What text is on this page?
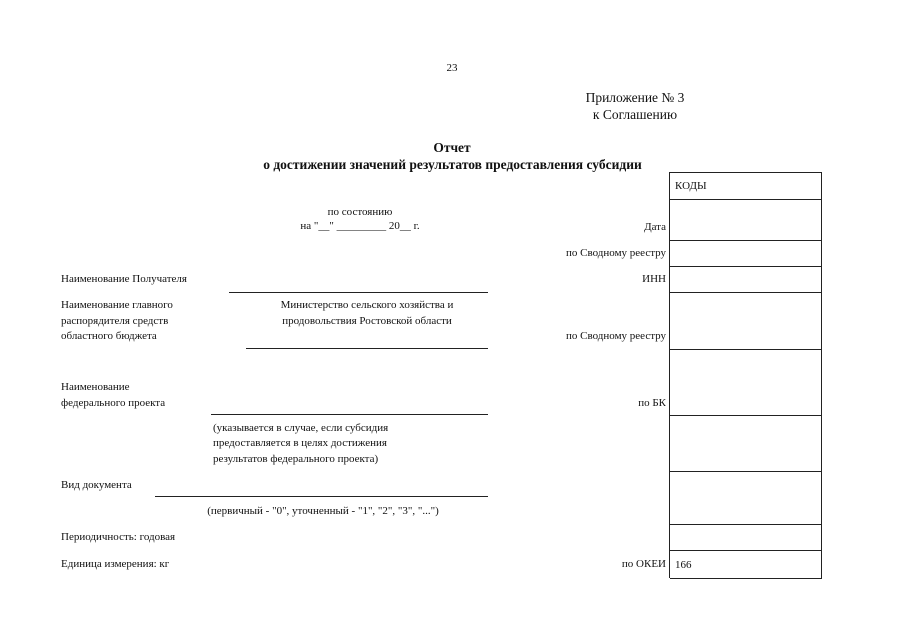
23
Приложение № 3
к Соглашению
Отчет
о достижении значений результатов предоставления субсидии
по состоянию
на "__" _________ 20__ г.
Наименование Получателя
Наименование главного
распорядителя средств
областного бюджета
Министерство сельского хозяйства и
продовольствия Ростовской области
Наименование
федерального проекта
(указывается в случае, если субсидия
предоставляется в целях достижения
результатов федерального проекта)
Вид документа
(первичный - "0", уточненный - "1", "2", "3", "...")
Периодичность: годовая
Единица измерения: кг
Дата
по Сводному реестру
ИНН
по Сводному реестру
по БК
по ОКЕИ
КОДЫ
166
